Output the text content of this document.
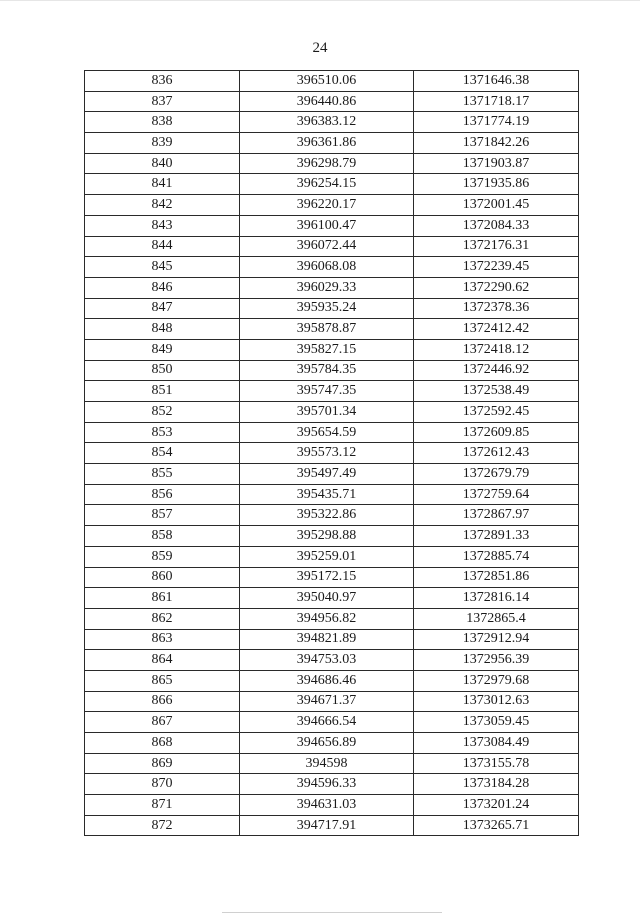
24
836	396510.06	1371646.38
837	396440.86	1371718.17
838	396383.12	1371774.19
839	396361.86	1371842.26
840	396298.79	1371903.87
841	396254.15	1371935.86
842	396220.17	1372001.45
843	396100.47	1372084.33
844	396072.44	1372176.31
845	396068.08	1372239.45
846	396029.33	1372290.62
847	395935.24	1372378.36
848	395878.87	1372412.42
849	395827.15	1372418.12
850	395784.35	1372446.92
851	395747.35	1372538.49
852	395701.34	1372592.45
853	395654.59	1372609.85
854	395573.12	1372612.43
855	395497.49	1372679.79
856	395435.71	1372759.64
857	395322.86	1372867.97
858	395298.88	1372891.33
859	395259.01	1372885.74
860	395172.15	1372851.86
861	395040.97	1372816.14
862	394956.82	1372865.4
863	394821.89	1372912.94
864	394753.03	1372956.39
865	394686.46	1372979.68
866	394671.37	1373012.63
867	394666.54	1373059.45
868	394656.89	1373084.49
869	394598	1373155.78
870	394596.33	1373184.28
871	394631.03	1373201.24
872	394717.91	1373265.71
